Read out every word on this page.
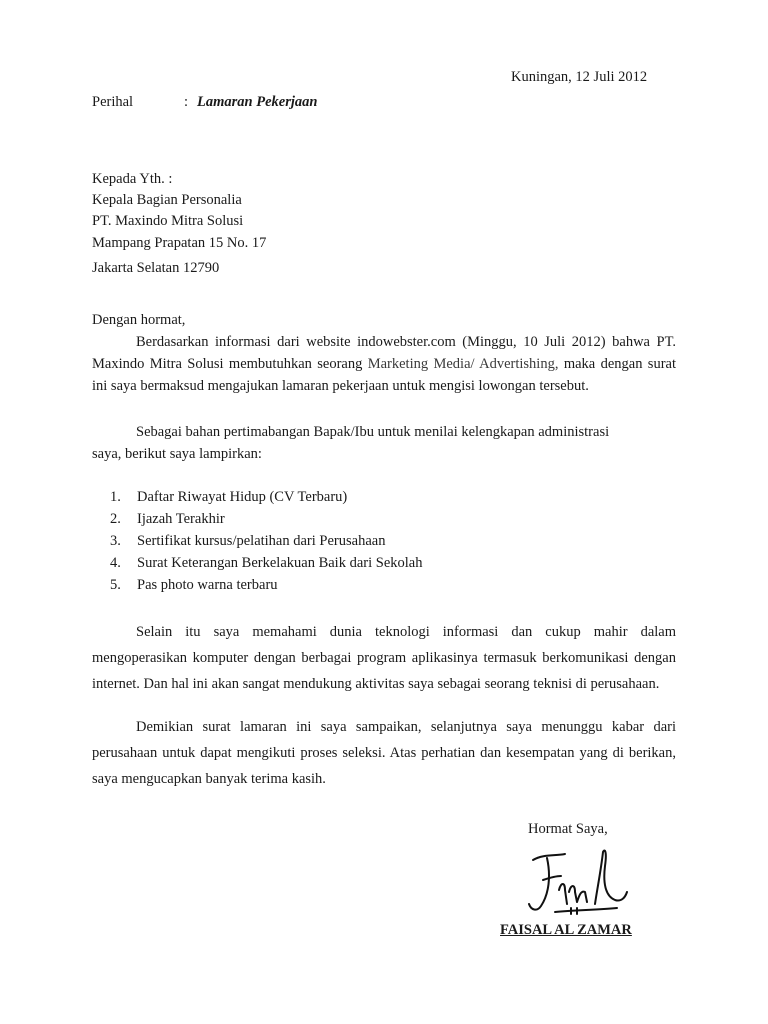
Kuningan, 12 Juli 2012
Perihal	: Lamaran Pekerjaan
Kepada Yth. :
Kepala Bagian Personalia
PT. Maxindo Mitra Solusi
Mampang Prapatan 15 No. 17
Jakarta Selatan 12790
Dengan hormat,
Berdasarkan informasi dari website indowebster.com (Minggu, 10 Juli 2012) bahwa PT. Maxindo Mitra Solusi membutuhkan seorang Marketing Media/ Advertishing, maka dengan surat ini saya bermaksud mengajukan lamaran pekerjaan untuk mengisi lowongan tersebut.
Sebagai bahan pertimabangan Bapak/Ibu untuk menilai kelengkapan administrasi
saya, berikut saya lampirkan:
1.	Daftar Riwayat Hidup (CV Terbaru)
2.	Ijazah Terakhir
3.	Sertifikat kursus/pelatihan dari Perusahaan
4.	Surat Keterangan Berkelakuan Baik dari Sekolah
5.	Pas photo warna terbaru
Selain itu saya memahami dunia teknologi informasi dan cukup mahir dalam mengoperasikan komputer dengan berbagai program aplikasinya termasuk berkomunikasi dengan internet. Dan hal ini akan sangat mendukung aktivitas saya sebagai seorang teknisi di perusahaan.
Demikian surat lamaran ini saya sampaikan, selanjutnya saya menunggu kabar dari perusahaan untuk dapat mengikuti proses seleksi. Atas perhatian dan kesempatan yang di berikan, saya mengucapkan banyak terima kasih.
Hormat Saya,
FAISAL AL ZAMAR
